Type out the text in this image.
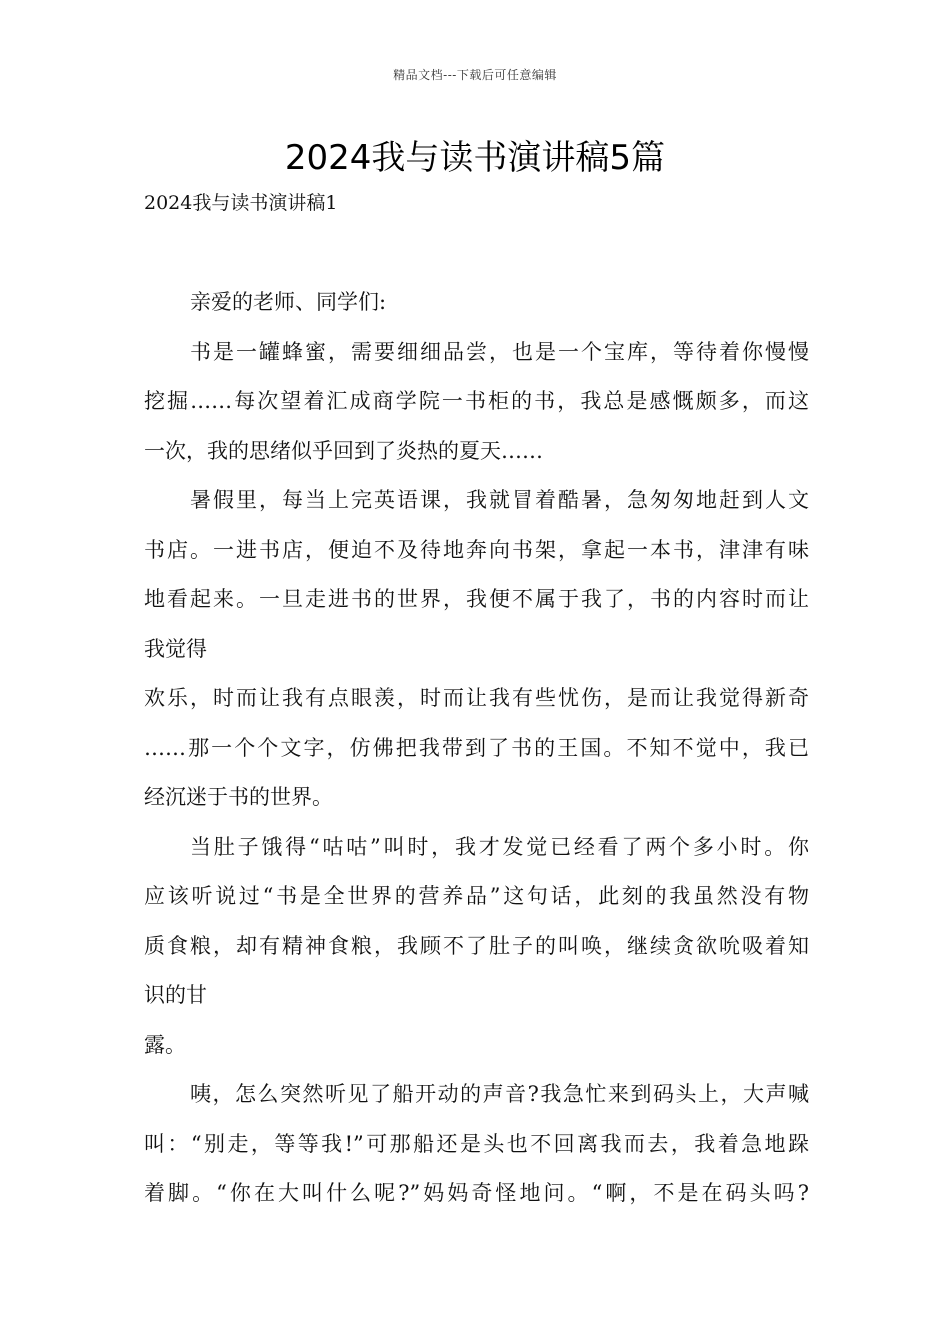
精品文档---下载后可任意编辑
2024我与读书演讲稿5篇
2024我与读书演讲稿1
亲爱的老师、同学们:
书是一罐蜂蜜，需要细细品尝，也是一个宝库，等待着你慢慢
挖掘……每次望着汇成商学院一书柜的书，我总是感慨颇多，而这
一次，我的思绪似乎回到了炎热的夏天……
暑假里，每当上完英语课，我就冒着酷暑，急匆匆地赶到人文
书店。一进书店，便迫不及待地奔向书架，拿起一本书，津津有味
地看起来。一旦走进书的世界，我便不属于我了，书的内容时而让
我觉得
欢乐，时而让我有点眼羡，时而让我有些忧伤，是而让我觉得新奇
……那一个个文字，仿佛把我带到了书的王国。不知不觉中，我已
经沉迷于书的世界。
当肚子饿得“咕咕”叫时，我才发觉已经看了两个多小时。你
应该听说过“书是全世界的营养品”这句话，此刻的我虽然没有物
质食粮，却有精神食粮，我顾不了肚子的叫唤，继续贪欲吮吸着知
识的甘
露。
咦，怎么突然听见了船开动的声音?我急忙来到码头上，大声喊
叫：“别走，等等我!”可那船还是头也不回离我而去，我着急地跺
着脚。“你在大叫什么呢?”妈妈奇怪地问。“啊，不是在码头吗?
